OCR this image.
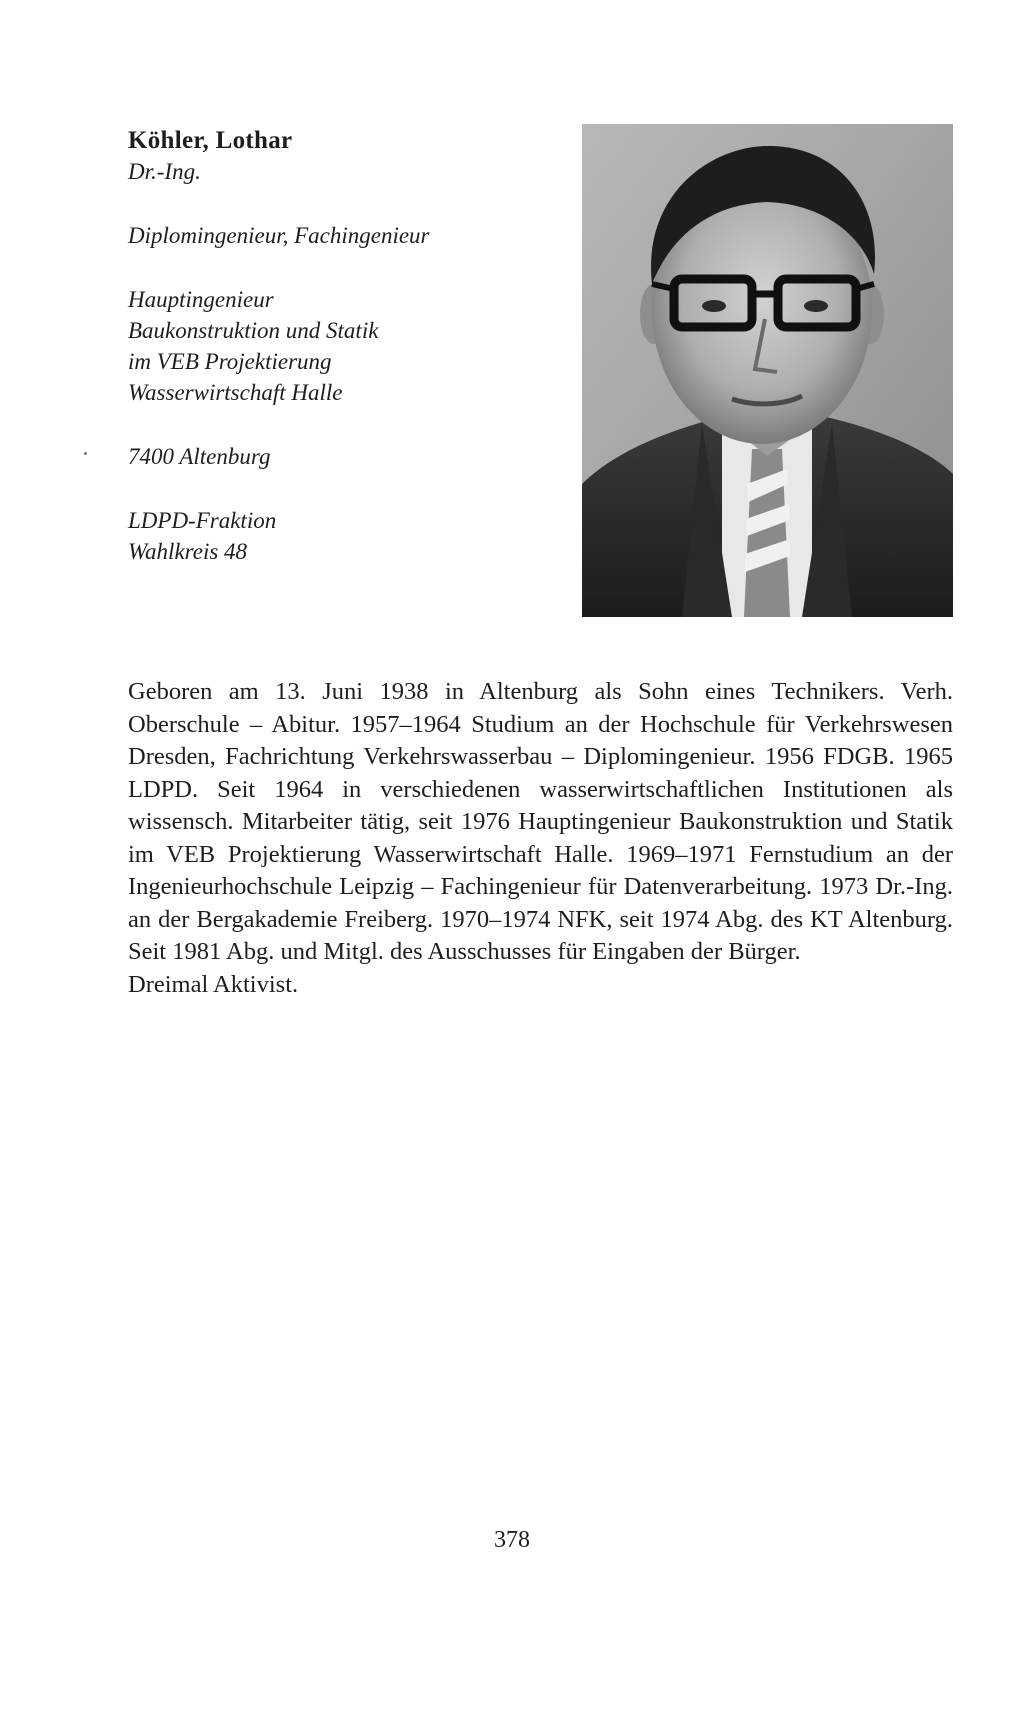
Köhler, Lothar

Dr.-Ing.

Diplomingenieur, Fachingenieur

Hauptingenieur

Baukonstruktion und Statik

im VEB Projektierung

Wasserwirtschaft Halle

7400 Altenburg

LDPD-Fraktion

Wahlkreis 48

Geboren am 13. Juni 1938 in Altenburg als Sohn eines Technikers. Verh. Oberschule – Abitur. 1957–1964 Studium an der Hochschule für Verkehrswesen Dresden, Fachrichtung Verkehrswasserbau – Diplomingenieur. 1956 FDGB. 1965 LDPD. Seit 1964 in verschiedenen wasserwirtschaftlichen Institutionen als wissensch. Mitarbeiter tätig, seit 1976 Hauptingenieur Baukonstruktion und Statik im VEB Projektierung Wasserwirtschaft Halle. 1969–1971 Fernstudium an der Ingenieurhochschule Leipzig – Fachingenieur für Datenverarbeitung. 1973 Dr.-Ing. an der Bergakademie Freiberg. 1970–1974 NFK, seit 1974 Abg. des KT Altenburg. Seit 1981 Abg. und Mitgl. des Ausschusses für Eingaben der Bürger.

Dreimal Aktivist.

378
